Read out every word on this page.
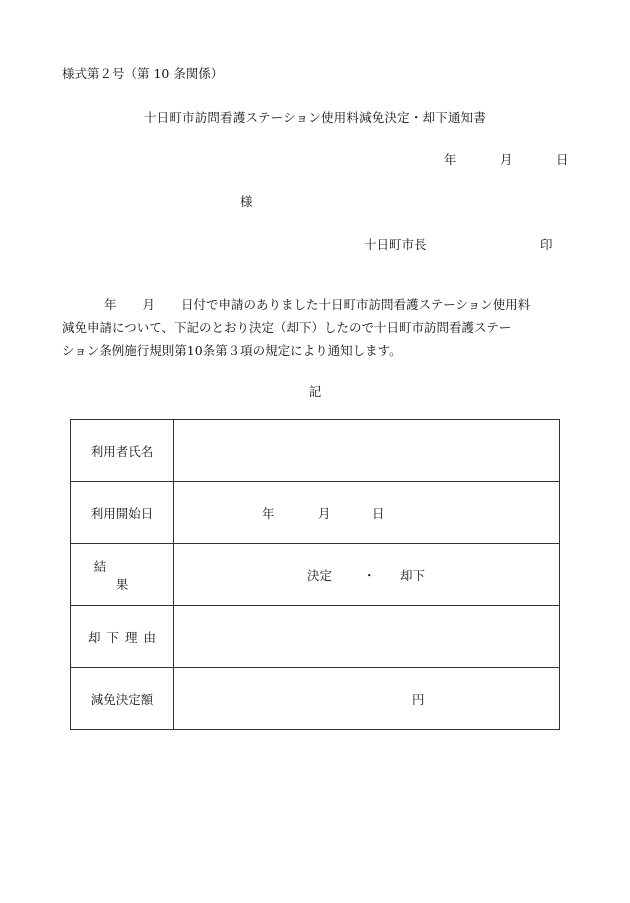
様式第２号（第 10 条関係）
十日町市訪問看護ステーション使用料減免決定・却下通知書
年	月	日
様
十日町市長	印
年 月 日付で申請のありました十日町市訪問看護ステーション使用料
減免申請について、下記のとおり決定（却下）したので十日町市訪問看護ステー
ション条例施行規則第10条第３項の規定により通知します。
記
利用者氏名	
利用開始日	年 月 日

結果	決定 ・ 却下

却下理由	
減免決定額	円
